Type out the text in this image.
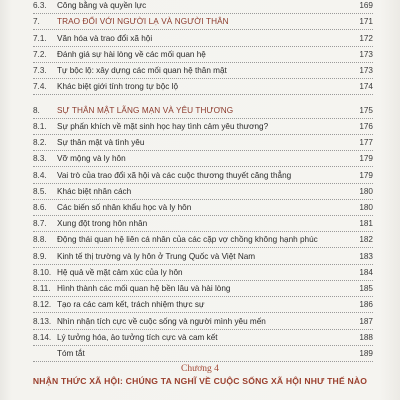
6.3. Công bằng và quyền lực	169
7. TRAO ĐỔI VỚI NGƯỜI LẠ VÀ NGƯỜI THÂN	171
7.1. Văn hóa và trao đổi xã hội	172
7.2. Đánh giá sự hài lòng về các mối quan hệ	173
7.3. Tự bộc lộ: xây dựng các mối quan hệ thân mật	173
7.4. Khác biệt giới tính trong tự bộc lộ	174
8. SỰ THÂN MẬT LÃNG MẠN VÀ YÊU THƯƠNG	175
8.1. Sự phấn khích về mặt sinh học hay tình cảm yêu thương?	176
8.2. Sự thân mật và tình yêu	177
8.3. Vỡ mộng và ly hôn	179
8.4. Vai trò của trao đổi xã hội và các cuộc thương thuyết căng thẳng	179
8.5. Khác biệt nhân cách	180
8.6. Các biến số nhân khẩu học và ly hôn	180
8.7. Xung đột trong hôn nhân	181
8.8. Động thái quan hệ liên cá nhân của các cặp vợ chồng không hạnh phúc	182
8.9. Kinh tế thị trường và ly hôn ở Trung Quốc và Việt Nam	183
8.10. Hệ quả về mặt cảm xúc của ly hôn	184
8.11. Hình thành các mối quan hệ bền lâu và hài lòng	185
8.12. Tạo ra các cam kết, trách nhiệm thực sự	186
8.13. Nhìn nhận tích cực về cuộc sống và người mình yêu mến	187
8.14. Lý tưởng hóa, ảo tưởng tích cực và cam kết	188
Tóm tắt	189
Chương 4
NHẬN THỨC XÃ HỘI: CHÚNG TA NGHĨ VỀ CUỘC SỐNG XÃ HỘI NHƯ THẾ NÀO
